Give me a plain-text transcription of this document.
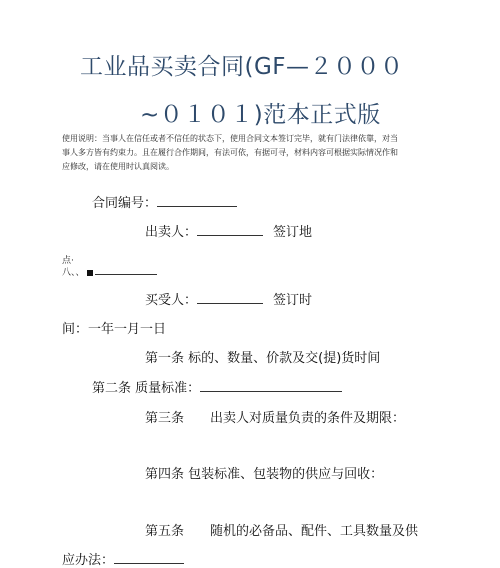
工业品买卖合同(GF—２０００
~０１０１)范本正式版
使用说明：当事人在信任或者不信任的状态下，使用合同文本签订完毕，就有门法律依靠，对当
事人多方皆有约束力。且在履行合作期间，有法可依，有据可寻，材料内容可根据实际情况作和
应修改，请在使用时认真阅读。
合同编号：
出卖人：	签订地
点·
八、、
买受人：	签订时
间：一年一月一日
第一条 标的、数量、价款及交(提)货时间
第二条 质量标准：
第三条 出卖人对质量负责的条件及期限：
第四条 包装标准、包装物的供应与回收：
第五条 随机的必备品、配件、工具数量及供
应办法：
